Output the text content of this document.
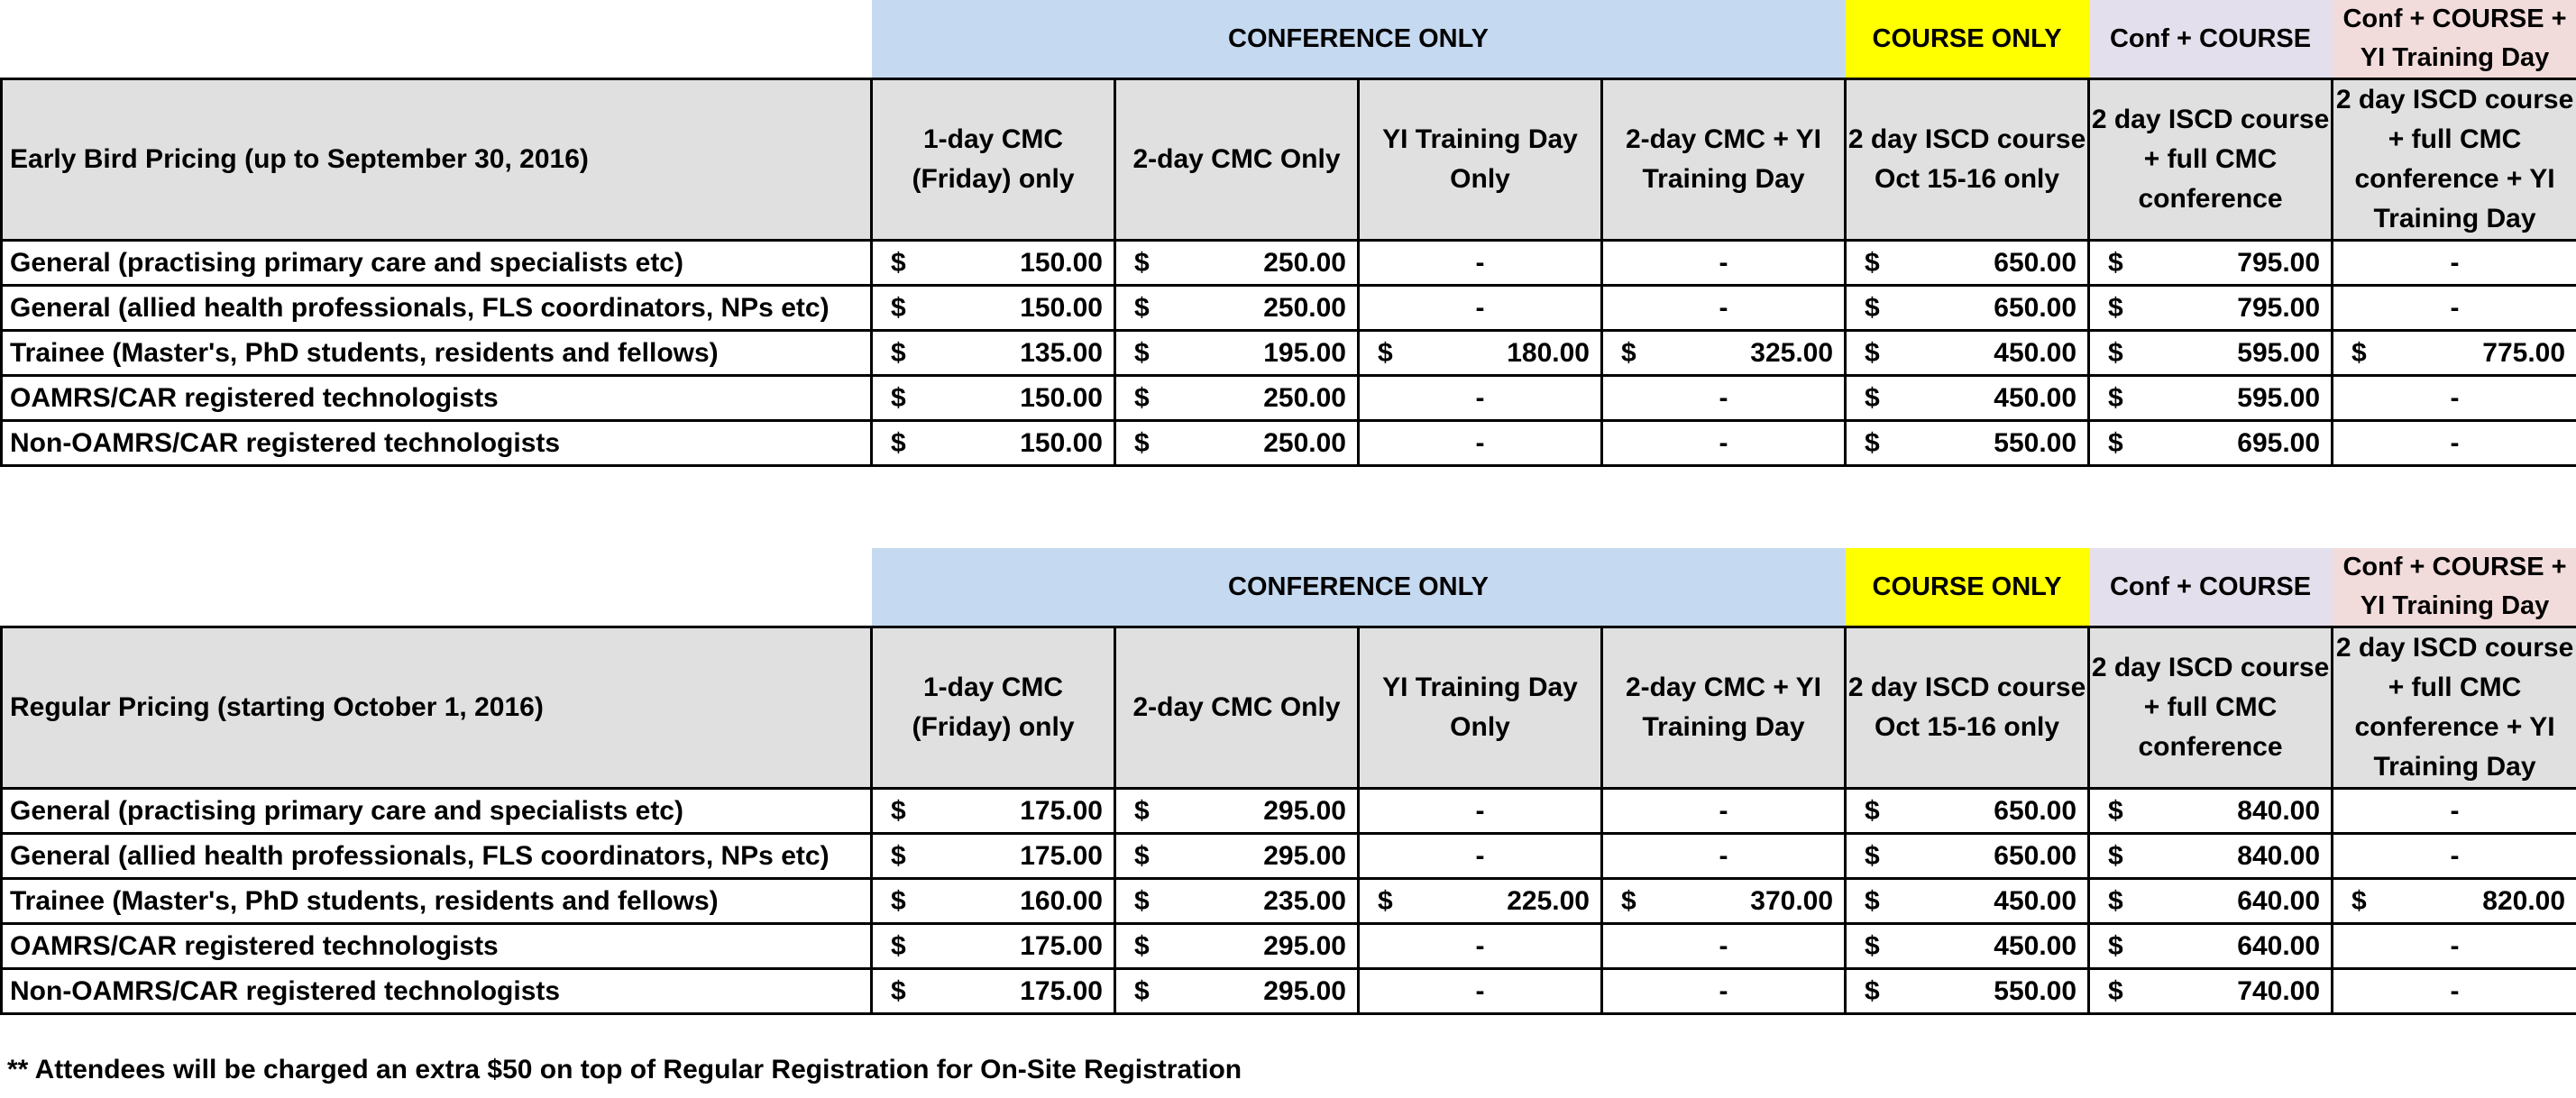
	CONFERENCE ONLY				COURSE ONLY	Conf + COURSE	Conf + COURSE + YI Training Day
Early Bird Pricing (up to September 30, 2016)	1-day CMC (Friday) only	2-day CMC Only	YI Training Day Only	2-day CMC + YI Training Day	2 day ISCD course Oct 15-16 only	2 day ISCD course + full CMC conference	2 day ISCD course + full CMC conference + YI Training Day
General (practising primary care and specialists etc)	$ 150.00	$ 250.00	-	-	$ 650.00	$ 795.00	-
General (allied health professionals, FLS coordinators, NPs etc)	$ 150.00	$ 250.00	-	-	$ 650.00	$ 795.00	-
Trainee (Master's, PhD students, residents and fellows)	$ 135.00	$ 195.00	$ 180.00	$ 325.00	$ 450.00	$ 595.00	$ 775.00

OAMRS/CAR registered technologists	$ 150.00	$ 250.00	-	-	$ 450.00	$ 595.00	-
Non-OAMRS/CAR registered technologists	$ 150.00	$ 250.00	-	-	$ 550.00	$ 695.00	-
	CONFERENCE ONLY				COURSE ONLY	Conf + COURSE	Conf + COURSE + YI Training Day
Regular Pricing (starting October 1, 2016)	1-day CMC (Friday) only	2-day CMC Only	YI Training Day Only	2-day CMC + YI Training Day	2 day ISCD course Oct 15-16 only	2 day ISCD course + full CMC conference	2 day ISCD course + full CMC conference + YI Training Day
General (practising primary care and specialists etc)	$ 175.00	$ 295.00	-	-	$ 650.00	$ 840.00	-
General (allied health professionals, FLS coordinators, NPs etc)	$ 175.00	$ 295.00	-	-	$ 650.00	$ 840.00	-
Trainee (Master's, PhD students, residents and fellows)	$ 160.00	$ 235.00	$ 225.00	$ 370.00	$ 450.00	$ 640.00	$ 820.00

OAMRS/CAR registered technologists	$ 175.00	$ 295.00	-	-	$ 450.00	$ 640.00	-
Non-OAMRS/CAR registered technologists	$ 175.00	$ 295.00	-	-	$ 550.00	$ 740.00	-
** Attendees will be charged an extra $50 on top of Regular Registration for On-Site Registration
